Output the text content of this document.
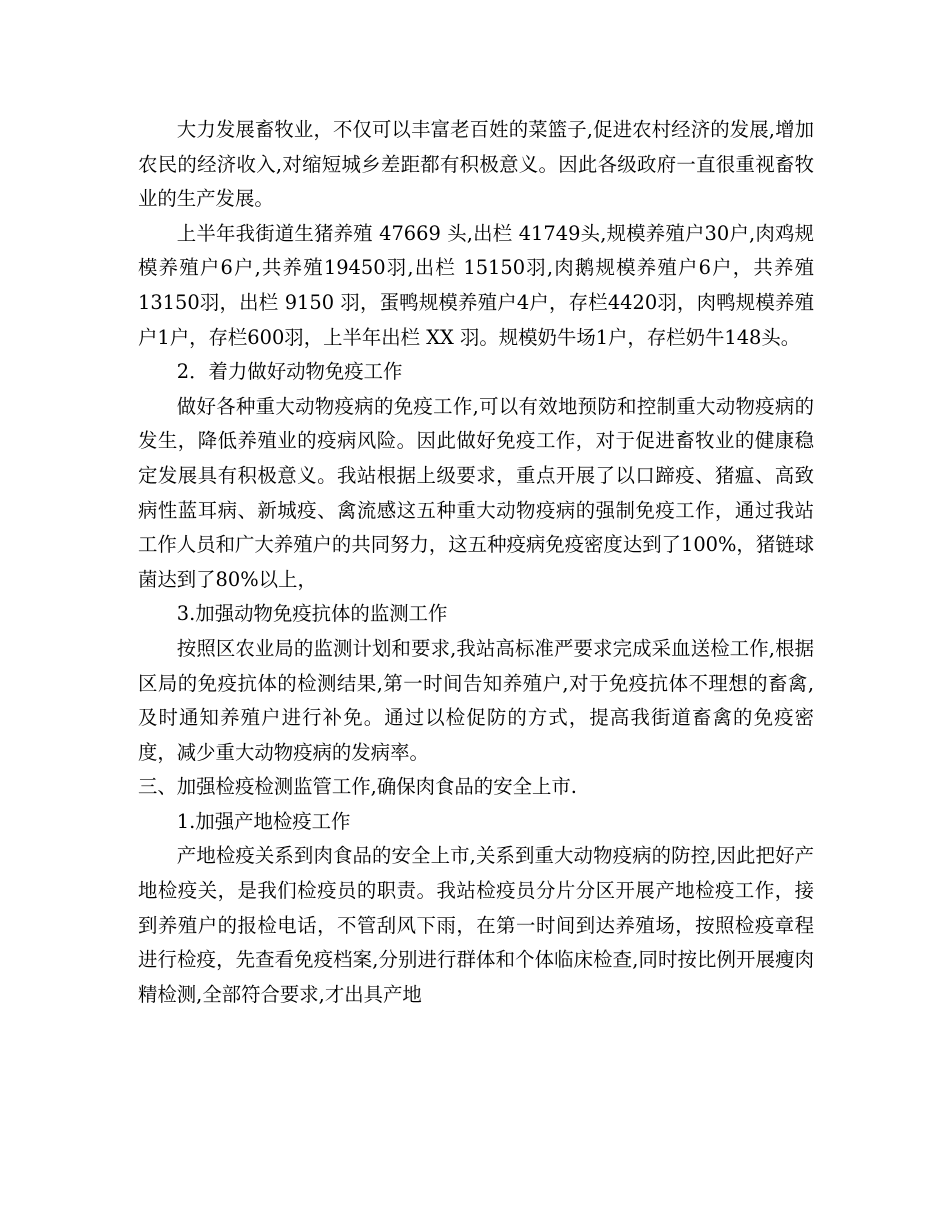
大力发展畜牧业，不仅可以丰富老百姓的菜篮子,促进农村经济的发展,增加农民的经济收入,对缩短城乡差距都有积极意义。因此各级政府一直很重视畜牧业的生产发展。

上半年我街道生猪养殖 47669 头,出栏 41749头,规模养殖户30户,肉鸡规模养殖户6户,共养殖19450羽,出栏 15150羽,肉鹅规模养殖户6户，共养殖 13150羽，出栏 9150 羽，蛋鸭规模养殖户4户，存栏4420羽，肉鸭规模养殖户1户，存栏600羽，上半年出栏 XX 羽。规模奶牛场1户，存栏奶牛148头。

2．着力做好动物免疫工作

做好各种重大动物疫病的免疫工作,可以有效地预防和控制重大动物疫病的发生，降低养殖业的疫病风险。因此做好免疫工作，对于促进畜牧业的健康稳定发展具有积极意义。我站根据上级要求，重点开展了以口蹄疫、猪瘟、高致病性蓝耳病、新城疫、禽流感这五种重大动物疫病的强制免疫工作，通过我站工作人员和广大养殖户的共同努力，这五种疫病免疫密度达到了100%，猪链球菌达到了80%以上，

3.加强动物免疫抗体的监测工作

按照区农业局的监测计划和要求,我站高标准严要求完成采血送检工作,根据区局的免疫抗体的检测结果,第一时间告知养殖户,对于免疫抗体不理想的畜禽,及时通知养殖户进行补免。通过以检促防的方式，提高我街道畜禽的免疫密度，减少重大动物疫病的发病率。

三、加强检疫检测监管工作,确保肉食品的安全上市.

1.加强产地检疫工作

产地检疫关系到肉食品的安全上市,关系到重大动物疫病的防控,因此把好产地检疫关，是我们检疫员的职责。我站检疫员分片分区开展产地检疫工作，接到养殖户的报检电话，不管刮风下雨，在第一时间到达养殖场，按照检疫章程进行检疫，先查看免疫档案,分别进行群体和个体临床检查,同时按比例开展瘦肉精检测,全部符合要求,才出具产地
